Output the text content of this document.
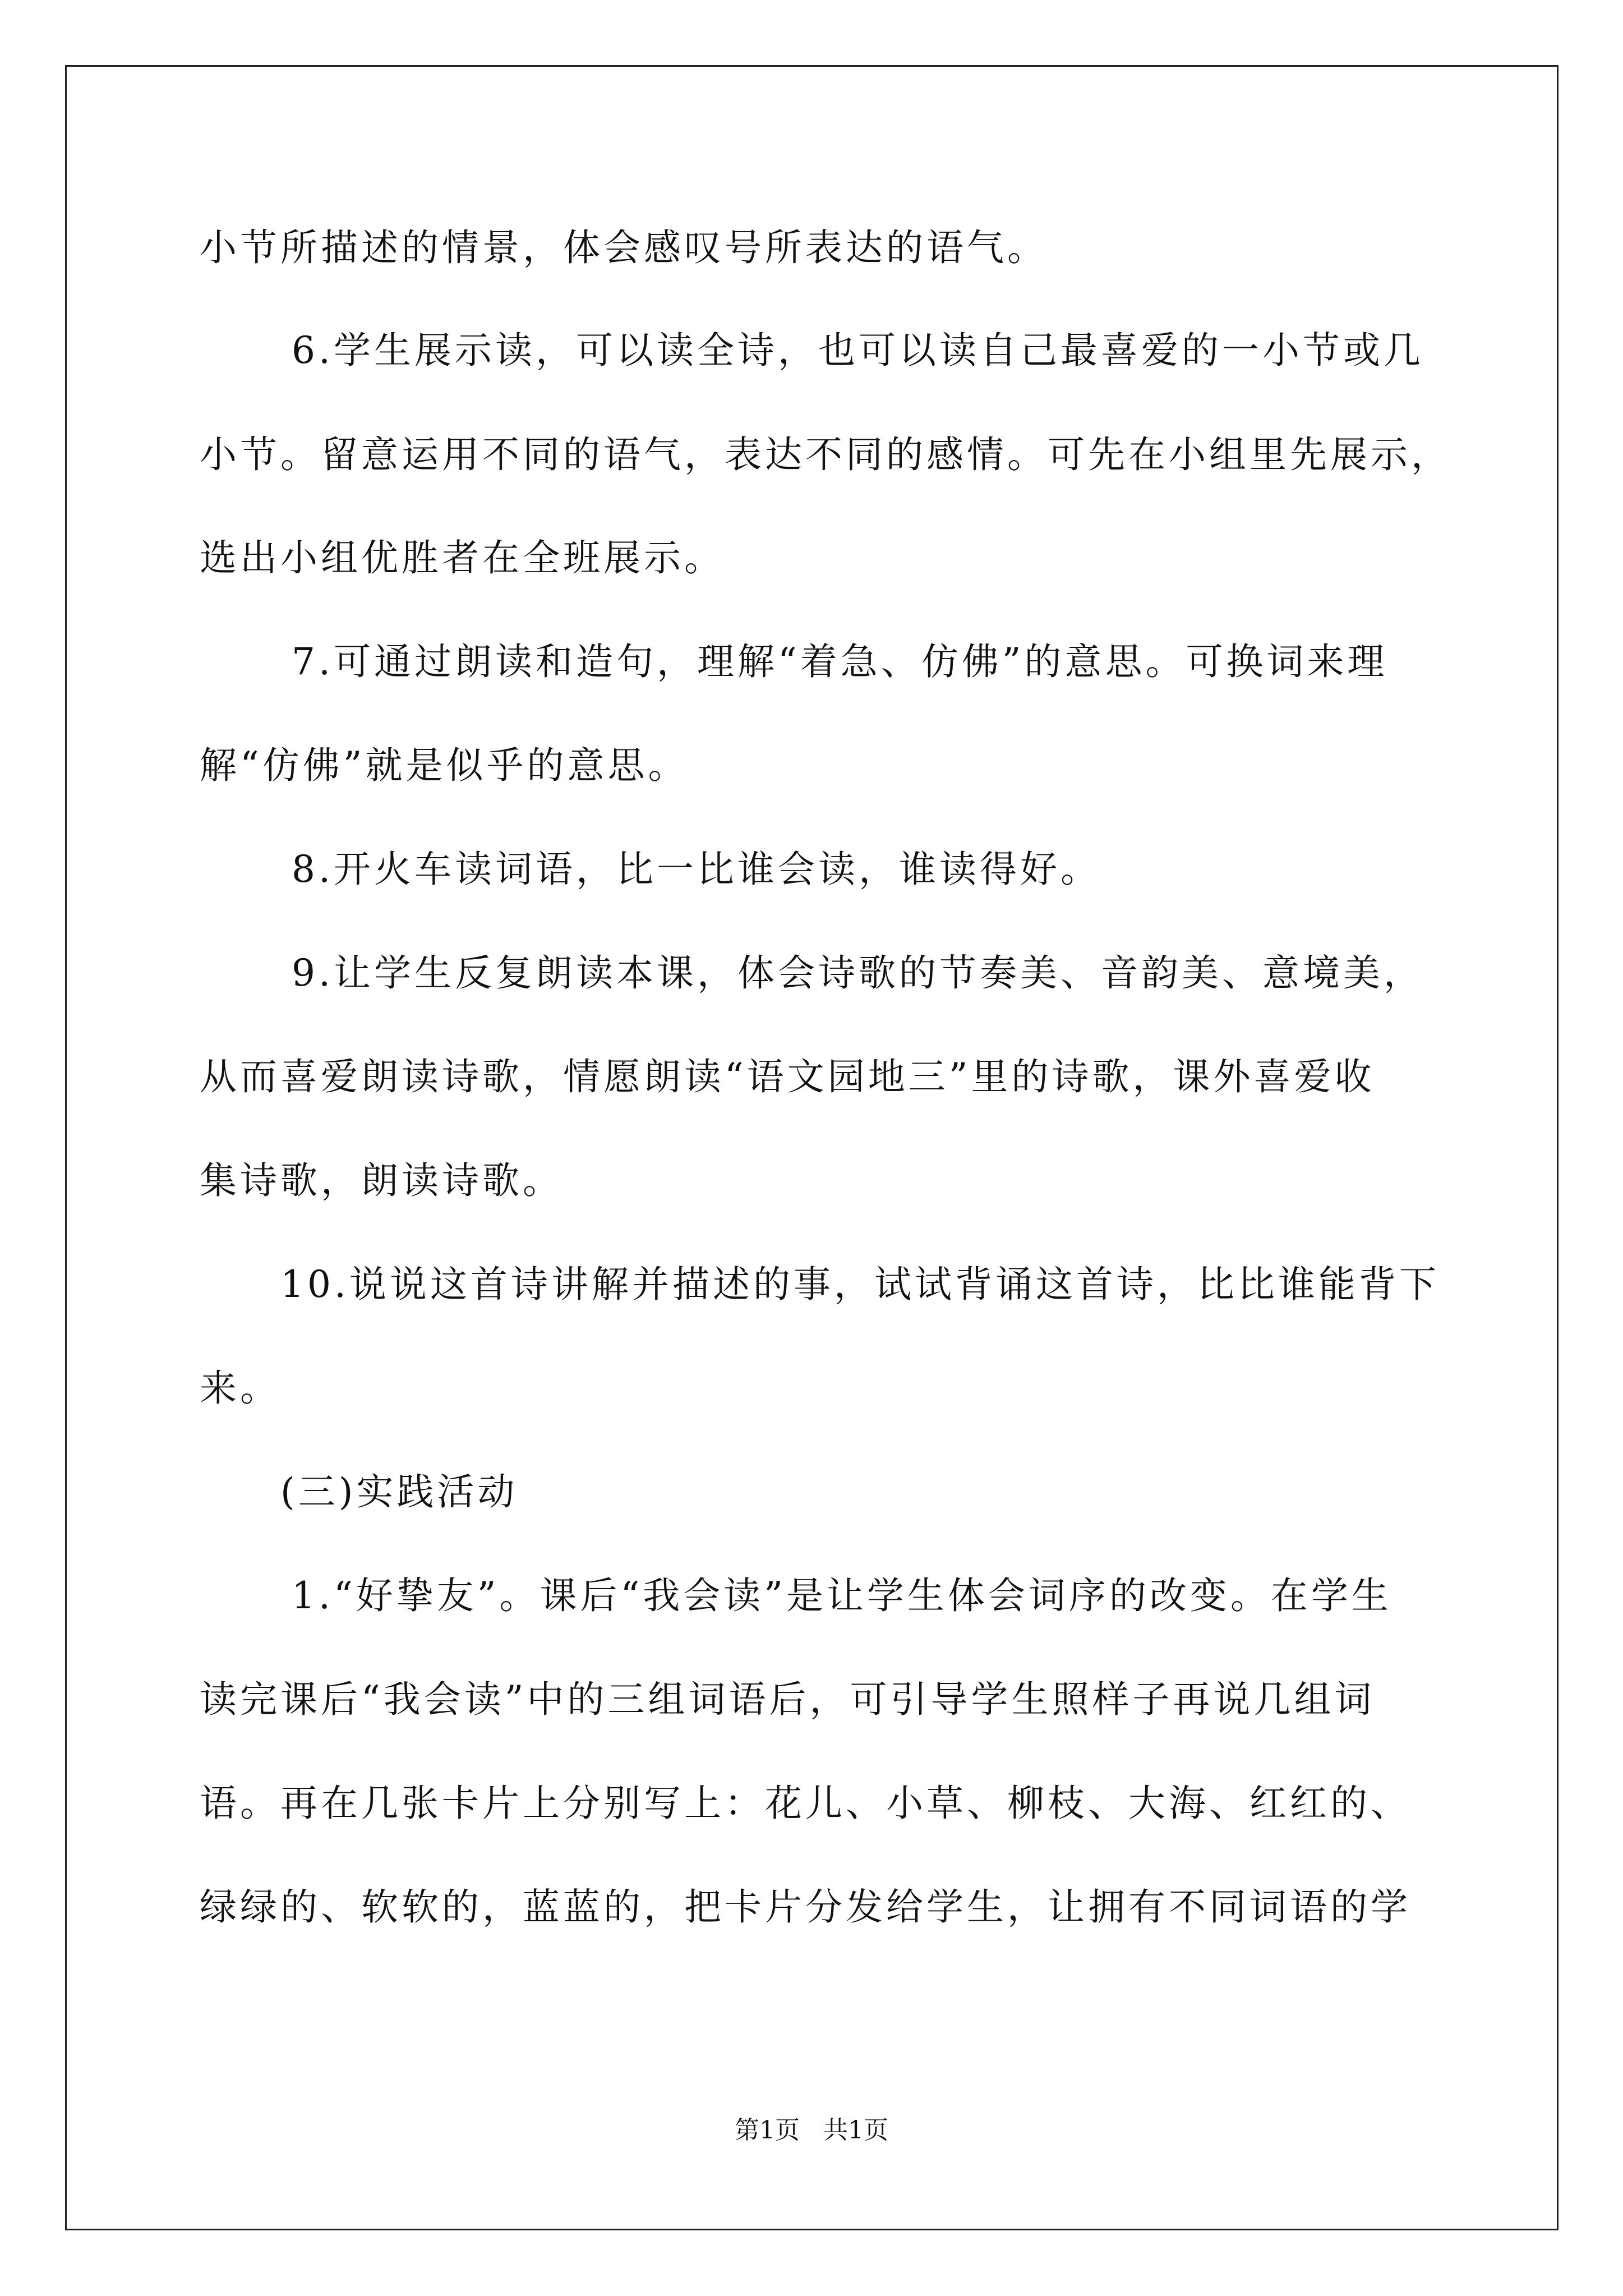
小节所描述的情景，体会感叹号所表达的语气。
6.学生展示读，可以读全诗，也可以读自己最喜爱的一小节或几
小节。留意运用不同的语气，表达不同的感情。可先在小组里先展示，
选出小组优胜者在全班展示。
7.可通过朗读和造句，理解“着急、仿佛”的意思。可换词来理
解“仿佛”就是似乎的意思。
8.开火车读词语，比一比谁会读，谁读得好。
9.让学生反复朗读本课，体会诗歌的节奏美、音韵美、意境美，
从而喜爱朗读诗歌，情愿朗读“语文园地三”里的诗歌，课外喜爱收
集诗歌，朗读诗歌。
10.说说这首诗讲解并描述的事，试试背诵这首诗，比比谁能背下
来。
(三)实践活动
1.“好挚友”。课后“我会读”是让学生体会词序的改变。在学生
读完课后“我会读”中的三组词语后，可引导学生照样子再说几组词
语。再在几张卡片上分别写上：花儿、小草、柳枝、大海、红红的、
绿绿的、软软的，蓝蓝的，把卡片分发给学生，让拥有不同词语的学
第1页 共1页
